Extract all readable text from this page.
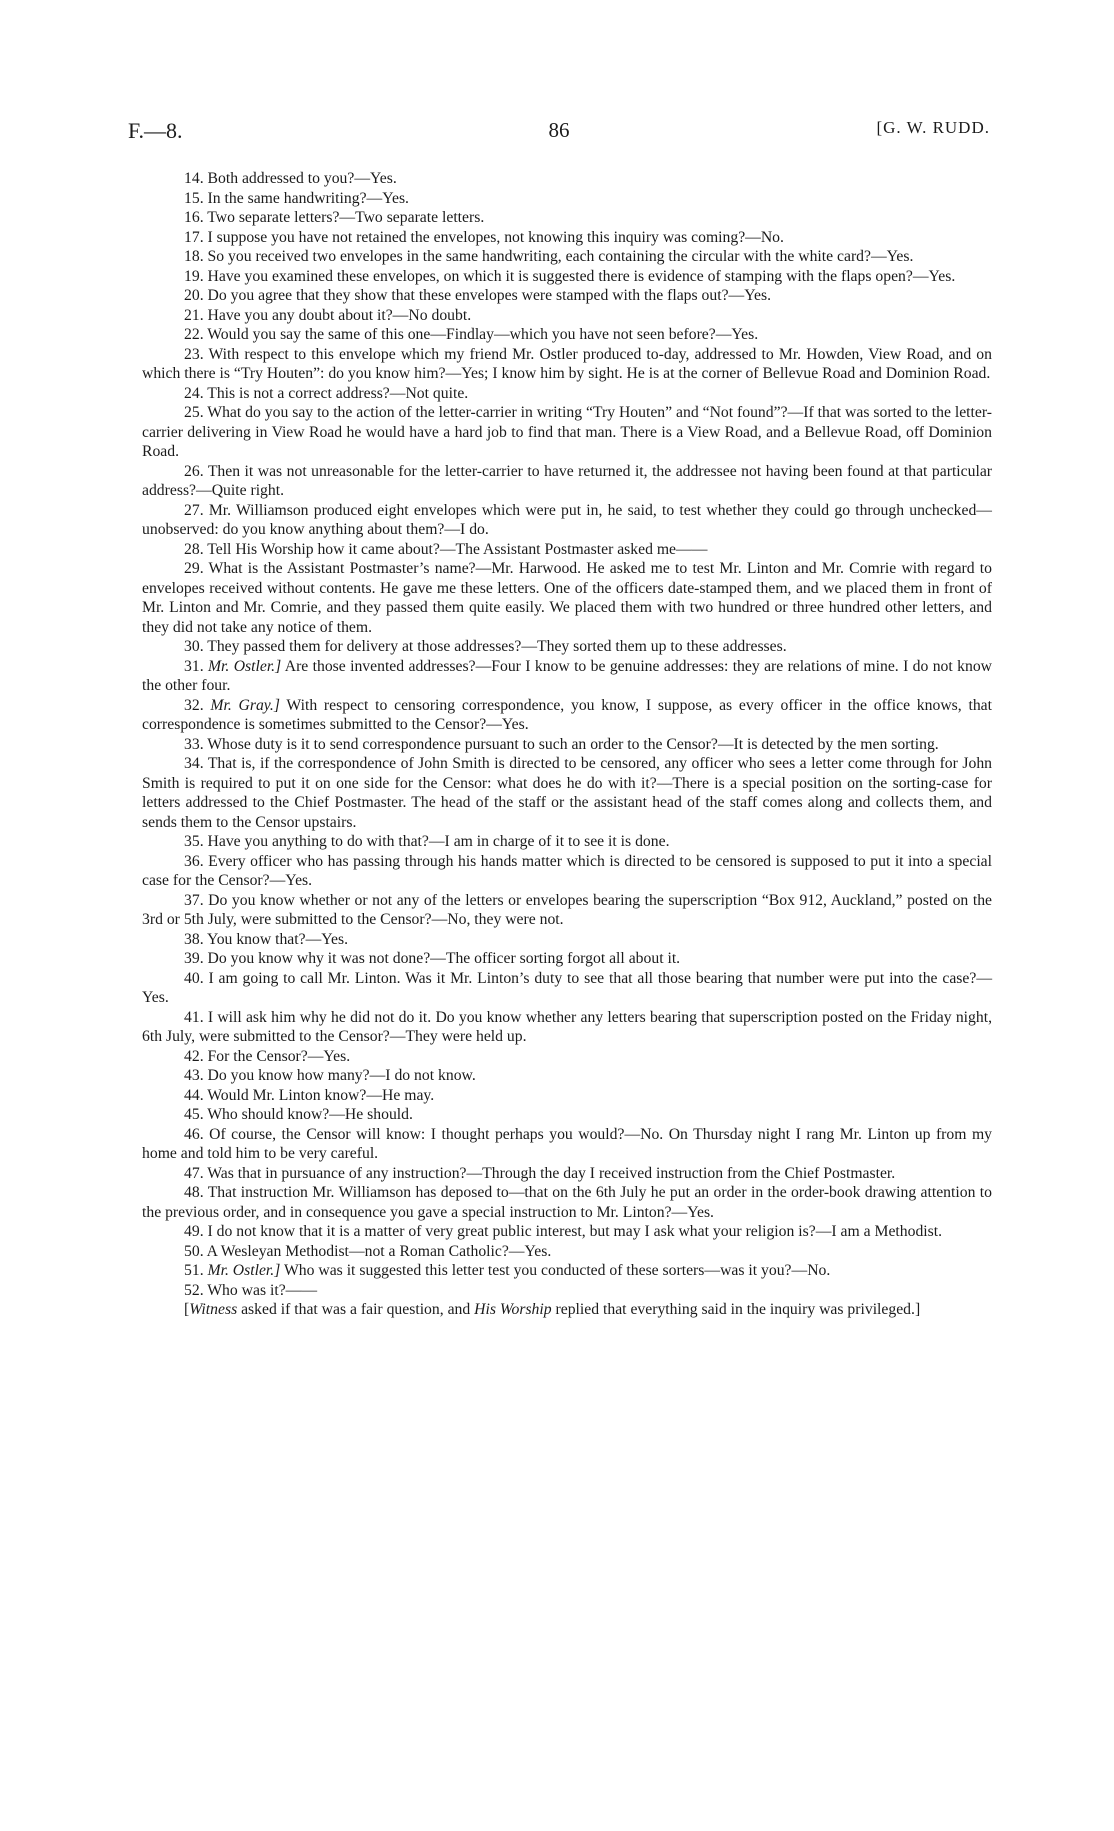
F.—8.	86	[G. W. RUDD.

14. Both addressed to you?—Yes.

15. In the same handwriting?—Yes.

16. Two separate letters?—Two separate letters.

17. I suppose you have not retained the envelopes, not knowing this inquiry was coming?—No.

18. So you received two envelopes in the same handwriting, each containing the circular with the white card?—Yes.

19. Have you examined these envelopes, on which it is suggested there is evidence of stamping with the flaps open?—Yes.

20. Do you agree that they show that these envelopes were stamped with the flaps out?—Yes.

21. Have you any doubt about it?—No doubt.

22. Would you say the same of this one—Findlay—which you have not seen before?—Yes.

23. With respect to this envelope which my friend Mr. Ostler produced to-day, addressed to Mr. Howden, View Road, and on which there is “Try Houten”: do you know him?—Yes; I know him by sight. He is at the corner of Bellevue Road and Dominion Road.

24. This is not a correct address?—Not quite.

25. What do you say to the action of the letter-carrier in writing “Try Houten” and “Not found”?—If that was sorted to the letter-carrier delivering in View Road he would have a hard job to find that man. There is a View Road, and a Bellevue Road, off Dominion Road.

26. Then it was not unreasonable for the letter-carrier to have returned it, the addressee not having been found at that particular address?—Quite right.

27. Mr. Williamson produced eight envelopes which were put in, he said, to test whether they could go through unchecked—unobserved: do you know anything about them?—I do.

28. Tell His Worship how it came about?—The Assistant Postmaster asked me——

29. What is the Assistant Postmaster’s name?—Mr. Harwood. He asked me to test Mr. Linton and Mr. Comrie with regard to envelopes received without contents. He gave me these letters. One of the officers date-stamped them, and we placed them in front of Mr. Linton and Mr. Comrie, and they passed them quite easily. We placed them with two hundred or three hundred other letters, and they did not take any notice of them.

30. They passed them for delivery at those addresses?—They sorted them up to these addresses.

31. Mr. Ostler.] Are those invented addresses?—Four I know to be genuine addresses: they are relations of mine. I do not know the other four.

32. Mr. Gray.] With respect to censoring correspondence, you know, I suppose, as every officer in the office knows, that correspondence is sometimes submitted to the Censor?—Yes.

33. Whose duty is it to send correspondence pursuant to such an order to the Censor?—It is detected by the men sorting.

34. That is, if the correspondence of John Smith is directed to be censored, any officer who sees a letter come through for John Smith is required to put it on one side for the Censor: what does he do with it?—There is a special position on the sorting-case for letters addressed to the Chief Postmaster. The head of the staff or the assistant head of the staff comes along and collects them, and sends them to the Censor upstairs.

35. Have you anything to do with that?—I am in charge of it to see it is done.

36. Every officer who has passing through his hands matter which is directed to be censored is supposed to put it into a special case for the Censor?—Yes.

37. Do you know whether or not any of the letters or envelopes bearing the superscription “Box 912, Auckland,” posted on the 3rd or 5th July, were submitted to the Censor?—No, they were not.

38. You know that?—Yes.

39. Do you know why it was not done?—The officer sorting forgot all about it.

40. I am going to call Mr. Linton. Was it Mr. Linton’s duty to see that all those bearing that number were put into the case?—Yes.

41. I will ask him why he did not do it. Do you know whether any letters bearing that superscription posted on the Friday night, 6th July, were submitted to the Censor?—They were held up.

42. For the Censor?—Yes.

43. Do you know how many?—I do not know.

44. Would Mr. Linton know?—He may.

45. Who should know?—He should.

46. Of course, the Censor will know: I thought perhaps you would?—No. On Thursday night I rang Mr. Linton up from my home and told him to be very careful.

47. Was that in pursuance of any instruction?—Through the day I received instruction from the Chief Postmaster.

48. That instruction Mr. Williamson has deposed to—that on the 6th July he put an order in the order-book drawing attention to the previous order, and in consequence you gave a special instruction to Mr. Linton?—Yes.

49. I do not know that it is a matter of very great public interest, but may I ask what your religion is?—I am a Methodist.

50. A Wesleyan Methodist—not a Roman Catholic?—Yes.

51. Mr. Ostler.] Who was it suggested this letter test you conducted of these sorters—was it you?—No.

52. Who was it?——

[Witness asked if that was a fair question, and His Worship replied that everything said in the inquiry was privileged.]
